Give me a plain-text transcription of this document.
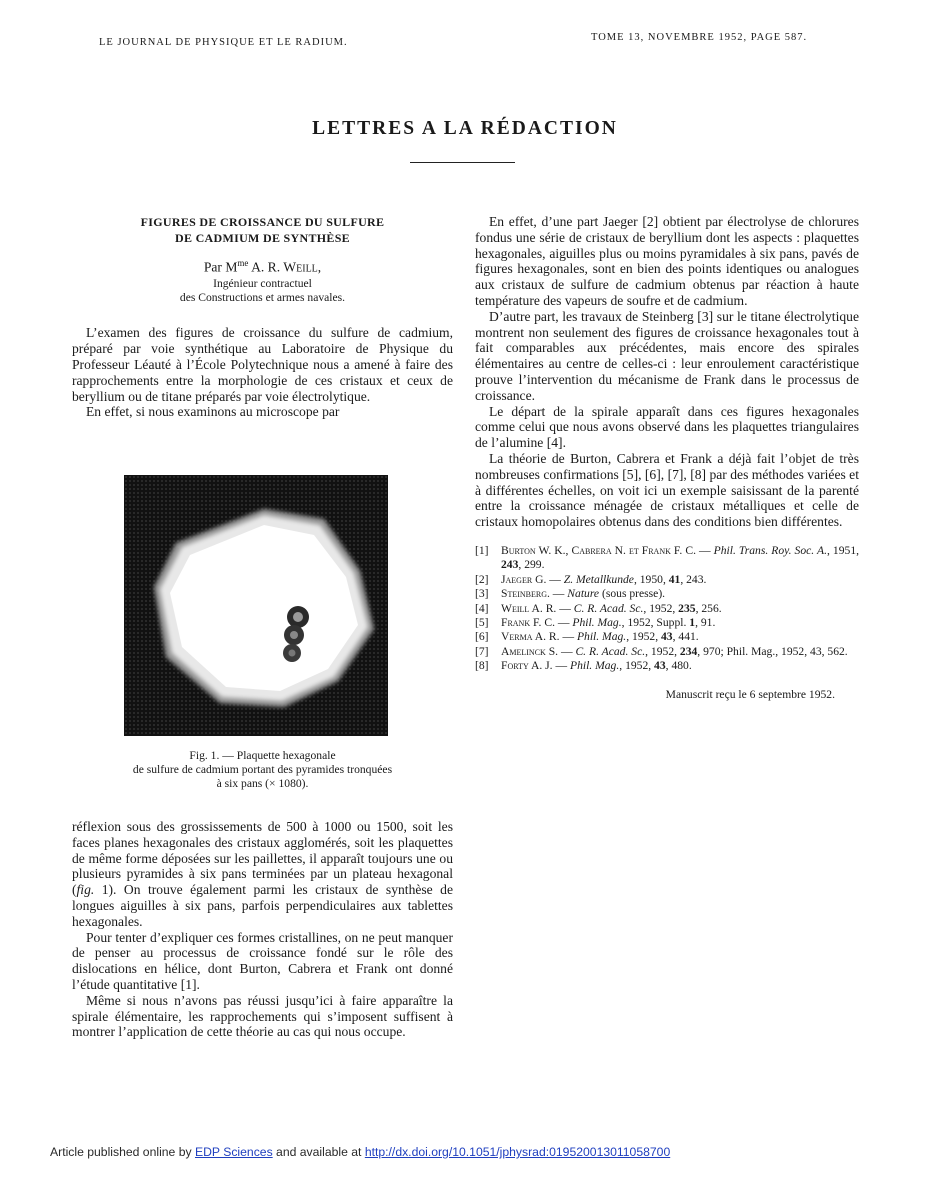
LE JOURNAL DE PHYSIQUE ET LE RADIUM.	TOME 13, NOVEMBRE 1952, PAGE 587.
LETTRES A LA RÉDACTION
FIGURES DE CROISSANCE DU SULFURE
DE CADMIUM DE SYNTHÈSE
Par $M^{me}$ A. R. Weill,
Ingénieur contractuel
des Constructions et armes navales.

L’examen des figures de croissance du sulfure de cadmium, préparé par voie synthétique au Laboratoire de Physique du Professeur Léauté à l’École Polytechnique nous a amené à faire des rapprochements entre la morphologie de ces cristaux et ceux de beryllium ou de titane préparés par voie électrolytique.

En effet, si nous examinons au microscope par

Fig. 1. — Plaquette hexagonale
de sulfure de cadmium portant des pyramides tronquées
à six pans (× 1080).

réflexion sous des grossissements de 500 à 1000 ou 1500, soit les faces planes hexagonales des cristaux agglomérés, soit les plaquettes de même forme déposées sur les paillettes, il apparaît toujours une ou plusieurs pyramides à six pans terminées par un plateau hexagonal (fig. 1). On trouve également parmi les cristaux de synthèse de longues aiguilles à six pans, parfois perpendiculaires aux tablettes hexagonales.

Pour tenter d’expliquer ces formes cristallines, on ne peut manquer de penser au processus de croissance fondé sur le rôle des dislocations en hélice, dont Burton, Cabrera et Frank ont donné l’étude quantitative [1].

Même si nous n’avons pas réussi jusqu’ici à faire apparaître la spirale élémentaire, les rapprochements qui s’imposent suffisent à montrer l’application de cette théorie au cas qui nous occupe.

En effet, d’une part Jaeger [2] obtient par électrolyse de chlorures fondus une série de cristaux de beryllium dont les aspects : plaquettes hexagonales, aiguilles plus ou moins pyramidales à six pans, pavés de figures hexagonales, sont en bien des points identiques ou analogues aux cristaux de sulfure de cadmium obtenus par réaction à haute température des vapeurs de soufre et de cadmium.

D’autre part, les travaux de Steinberg [3] sur le titane électrolytique montrent non seulement des figures de croissance hexagonales tout à fait comparables aux précédentes, mais encore des spirales élémentaires au centre de celles-ci : leur enroulement caractéristique prouve l’intervention du mécanisme de Frank dans le processus de croissance.

Le départ de la spirale apparaît dans ces figures hexagonales comme celui que nous avons observé dans les plaquettes triangulaires de l’alumine [4].

La théorie de Burton, Cabrera et Frank a déjà fait l’objet de très nombreuses confirmations [5], [6], [7], [8] par des méthodes variées et à différentes échelles, on voit ici un exemple saisissant de la parenté entre la croissance ménagée de cristaux métalliques et celle de cristaux homopolaires obtenus dans des conditions bien différentes.

[1] Burton W. K., Cabrera N. et Frank F. C. — Phil. Trans. Roy. Soc. A., 1951, 243, 299.
[2] Jaeger G. — Z. Metallkunde, 1950, 41, 243.
[3] Steinberg. — Nature (sous presse).
[4] Weill A. R. — C. R. Acad. Sc., 1952, 235, 256.
[5] Frank F. C. — Phil. Mag., 1952, Suppl. 1, 91.
[6] Verma A. R. — Phil. Mag., 1952, 43, 441.
[7] Amelinck S. — C. R. Acad. Sc., 1952, 234, 970; Phil. Mag., 1952, 43, 562.
[8] Forty A. J. — Phil. Mag., 1952, 43, 480.
Manuscrit reçu le 6 septembre 1952.
Article published online by EDP Sciences and available at http://dx.doi.org/10.1051/jphysrad:019520013011058700
